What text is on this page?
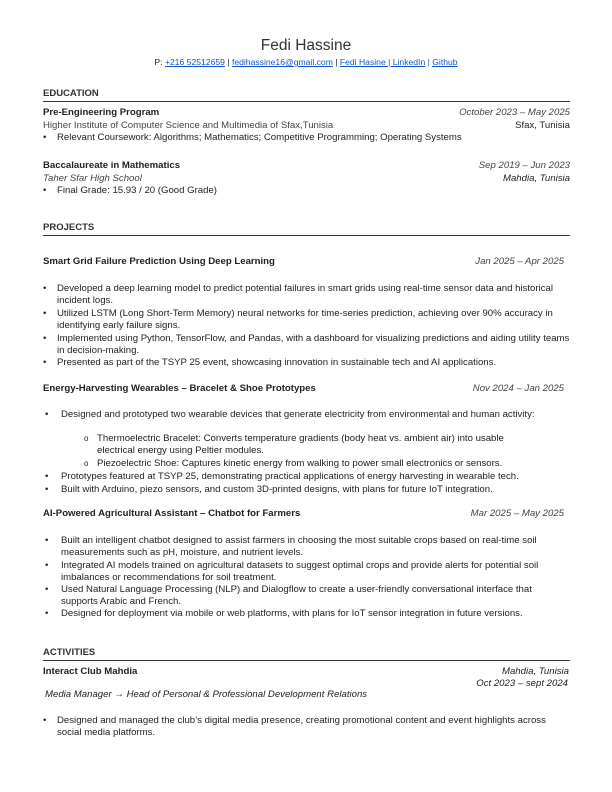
Fedi Hassine
P: +216 52512659 | fedihassine16@gmail.com | Fedi Hasine | LinkedIn | Github
EDUCATION
Pre-Engineering Program	October 2023 – May 2025
Higher Institute of Computer Science and Multimedia of Sfax,Tunisia	Sfax, Tunisia
• Relevant Coursework: Algorithms; Mathematics; Competitive Programming; Operating Systems
Baccalaureate in Mathematics	Sep 2019 – Jun 2023
Taher Sfar High School	Mahdia, Tunisia
• Final Grade: 15.93 / 20 (Good Grade)
PROJECTS
Smart Grid Failure Prediction Using Deep Learning	Jan 2025 – Apr 2025
• Developed a deep learning model to predict potential failures in smart grids using real-time sensor data and historical incident logs.
• Utilized LSTM (Long Short-Term Memory) neural networks for time-series prediction, achieving over 90% accuracy in identifying early failure signs.
• Implemented using Python, TensorFlow, and Pandas, with a dashboard for visualizing predictions and aiding utility teams in decision-making.
• Presented as part of the TSYP 25 event, showcasing innovation in sustainable tech and AI applications.
Energy-Harvesting Wearables – Bracelet & Shoe Prototypes	Nov 2024 – Jan 2025
• Designed and prototyped two wearable devices that generate electricity from environmental and human activity:
o Thermoelectric Bracelet: Converts temperature gradients (body heat vs. ambient air) into usable electrical energy using Peltier modules.
o Piezoelectric Shoe: Captures kinetic energy from walking to power small electronics or sensors.
• Prototypes featured at TSYP 25, demonstrating practical applications of energy harvesting in wearable tech.
• Built with Arduino, piezo sensors, and custom 3D-printed designs, with plans for future IoT integration.
AI-Powered Agricultural Assistant – Chatbot for Farmers	Mar 2025 – May 2025
• Built an intelligent chatbot designed to assist farmers in choosing the most suitable crops based on real-time soil measurements such as pH, moisture, and nutrient levels.
• Integrated AI models trained on agricultural datasets to suggest optimal crops and provide alerts for potential soil imbalances or recommendations for soil treatment.
• Used Natural Language Processing (NLP) and Dialogflow to create a user-friendly conversational interface that supports Arabic and French.
• Designed for deployment via mobile or web platforms, with plans for IoT sensor integration in future versions.
ACTIVITIES
Interact Club Mahdia	Mahdia, Tunisia
Oct 2023 – sept 2024
Media Manager → Head of Personal & Professional Development Relations
• Designed and managed the club’s digital media presence, creating promotional content and event highlights across social media platforms.
